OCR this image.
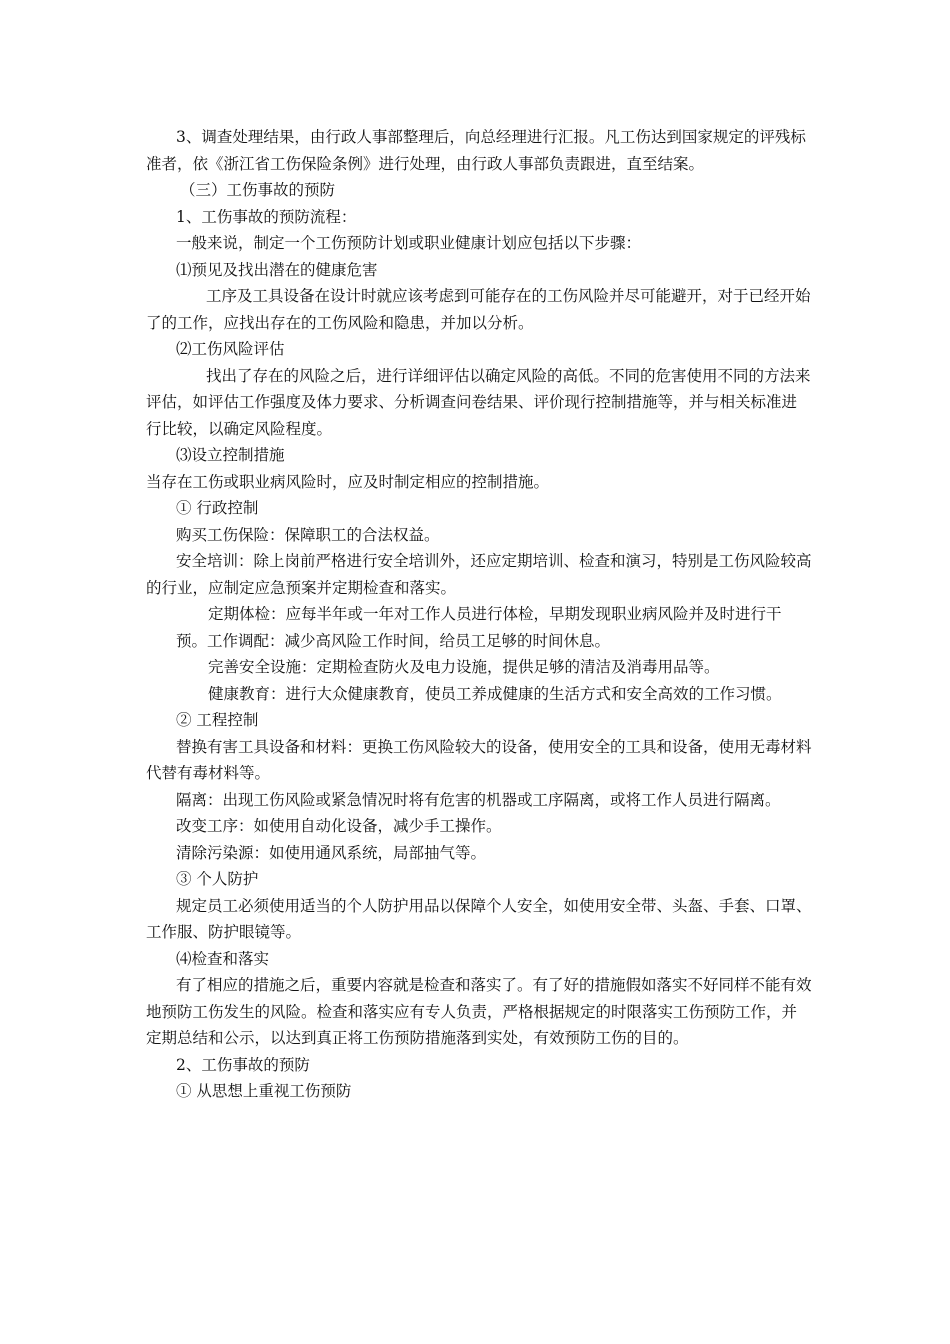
3、调查处理结果，由行政人事部整理后，向总经理进行汇报。凡工伤达到国家规定的评残标准者，依《浙江省工伤保险条例》进行处理，由行政人事部负责跟进，直至结案。

（三）工伤事故的预防

1、工伤事故的预防流程：

一般来说，制定一个工伤预防计划或职业健康计划应包括以下步骤：

⑴预见及找出潜在的健康危害

工序及工具设备在设计时就应该考虑到可能存在的工伤风险并尽可能避开，对于已经开始了的工作，应找出存在的工伤风险和隐患，并加以分析。

⑵工伤风险评估

找出了存在的风险之后，进行详细评估以确定风险的高低。不同的危害使用不同的方法来评估，如评估工作强度及体力要求、分析调查问卷结果、评价现行控制措施等，并与相关标准进行比较，以确定风险程度。

⑶设立控制措施

当存在工伤或职业病风险时，应及时制定相应的控制措施。

① 行政控制

购买工伤保险：保障职工的合法权益。

安全培训：除上岗前严格进行安全培训外，还应定期培训、检查和演习，特别是工伤风险较高的行业，应制定应急预案并定期检查和落实。

定期体检：应每半年或一年对工作人员进行体检，早期发现职业病风险并及时进行干预。工作调配：减少高风险工作时间，给员工足够的时间休息。

完善安全设施：定期检查防火及电力设施，提供足够的清洁及消毒用品等。

健康教育：进行大众健康教育，使员工养成健康的生活方式和安全高效的工作习惯。

② 工程控制

替换有害工具设备和材料：更换工伤风险较大的设备，使用安全的工具和设备，使用无毒材料代替有毒材料等。

隔离：出现工伤风险或紧急情况时将有危害的机器或工序隔离，或将工作人员进行隔离。

改变工序：如使用自动化设备，减少手工操作。

清除污染源：如使用通风系统，局部抽气等。

③ 个人防护

规定员工必须使用适当的个人防护用品以保障个人安全，如使用安全带、头盔、手套、口罩、工作服、防护眼镜等。

⑷检查和落实

有了相应的措施之后，重要内容就是检查和落实了。有了好的措施假如落实不好同样不能有效地预防工伤发生的风险。检查和落实应有专人负责，严格根据规定的时限落实工伤预防工作，并定期总结和公示，以达到真正将工伤预防措施落到实处，有效预防工伤的目的。

2、工伤事故的预防

① 从思想上重视工伤预防
